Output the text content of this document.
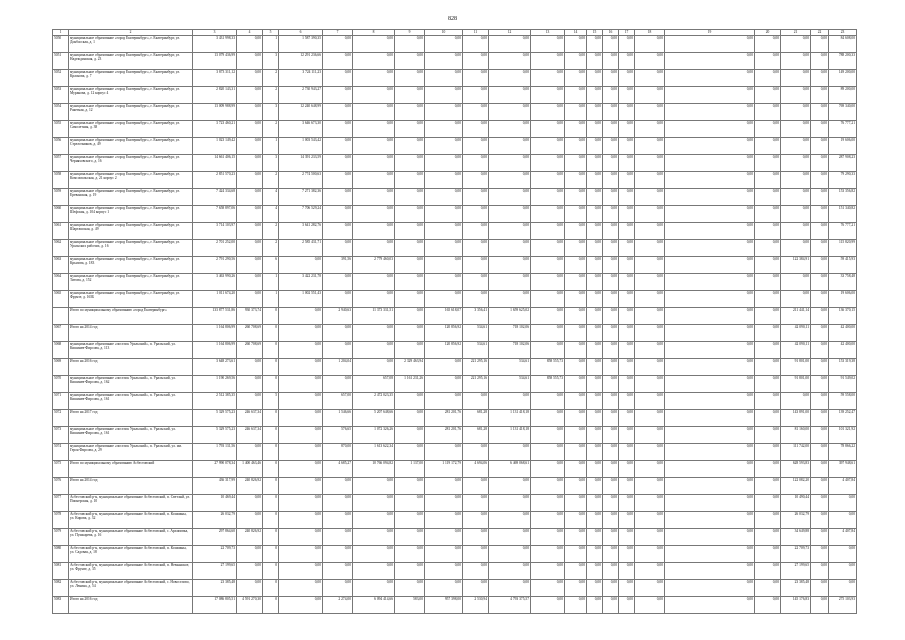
828
1	2	3	4	5	6	7	8	9	10	11	12	13	14	15	16	17	18	19	20	21	22	23
5050	муниципальное образование «город Екатеринбург», г. Екатеринбург, ул. Донбасская, д. 1	3 431 998,33	0,00	1	1 587 390,35	0,00	0,00	0,00	0,00	0,00	0,00	0,00	0,00	0,00	0,00	0,00	0,00	0,00	0,00	0,00	0,00	84 608,00
5051	муниципальное образование «город Екатеринбург», г. Екатеринбург, ул. Надеждинская, д. 23	13 079 436,99	0,00	3	12 291 236,66	0,00	0,00	0,00	0,00	0,00	0,00	0,00	0,00	0,00	0,00	0,00	0,00	0,00	0,00	0,00	0,00	788 200,33
5052	муниципальное образование «город Екатеринбург», г. Екатеринбург, ул. Краснова, д. 7	3 873 311,12	0,00	2	3 724 111,23	0,00	0,00	0,00	0,00	0,00	0,00	0,00	0,00	0,00	0,00	0,00	0,00	0,00	0,00	0,00	0,00	149 200,00
5053	муниципальное образование «город Екатеринбург», г. Екатеринбург, ул. Муранова, д. 12 корпус 4	2 820 143,31	0,00	2	2 730 943,27	0,00	0,00	0,00	0,00	0,00	0,00	0,00	0,00	0,00	0,00	0,00	0,00	0,00	0,00	0,00	0,00	89 200,00
5054	муниципальное образование «город Екатеринбург», г. Екатеринбург, ул. Ракетная, д. 12	13 009 988,99	0,00	3	12 240 648,99	0,00	0,00	0,00	0,00	0,00	0,00	0,00	0,00	0,00	0,00	0,00	0,00	0,00	0,00	0,00	0,00	769 340,00
5055	муниципальное образование «город Екатеринбург», г. Екатеринбург, ул. Самолетная, д. 38	3 723 460,21	0,00	2	3 646 673,30	0,00	0,00	0,00	0,00	0,00	0,00	0,00	0,00	0,00	0,00	0,00	0,00	0,00	0,00	0,00	0,00	76 777,21
5056	муниципальное образование «город Екатеринбург», г. Екатеринбург, ул. Стрелочников, д. 49	1 023 149,42	0,00	1	1 003 543,42	0,00	0,00	0,00	0,00	0,00	0,00	0,00	0,00	0,00	0,00	0,00	0,00	0,00	0,00	0,00	0,00	19 606,00
5057	муниципальное образование «город Екатеринбург», г. Екатеринбург, ул. Черняховского, д. 16	14 661 406,15	0,00	3	14 391 233,59	0,00	0,00	0,00	0,00	0,00	0,00	0,00	0,00	0,00	0,00	0,00	0,00	0,00	0,00	0,00	0,00	287 908,23
5058	муниципальное образование «город Екатеринбург», г. Екатеринбург, ул. Комсомольская, д. 21 корпус 2	2 851 570,23	0,00	2	2 774 500,63	0,00	0,00	0,00	0,00	0,00	0,00	0,00	0,00	0,00	0,00	0,00	0,00	0,00	0,00	0,00	0,00	79 290,33
5059	муниципальное образование «город Екатеринбург», г. Екатеринбург, ул. Ереванская, д. 19	7 424 334,68	0,00	4	7 271 382,36	0,00	0,00	0,00	0,00	0,00	0,00	0,00	0,00	0,00	0,00	0,00	0,00	0,00	0,00	0,00	0,00	153 356,82
5060	муниципальное образование «город Екатеринбург», г. Екатеринбург, ул. Шефская, д. 104 корпус 1	7 658 897,06	0,00	4	7 706 529,24	0,00	0,00	0,00	0,00	0,00	0,00	0,00	0,00	0,00	0,00	0,00	0,00	0,00	0,00	0,00	0,00	151 340,82
5061	муниципальное образование «город Екатеринбург», г. Екатеринбург, ул. Шарташская, д. 49	3 714 103,97	0,00	2	3 641 282,76	0,00	0,00	0,00	0,00	0,00	0,00	0,00	0,00	0,00	0,00	0,00	0,00	0,00	0,00	0,00	0,00	76 777,21
5062	муниципальное образование «город Екатеринбург», г. Екатеринбург, ул. Уральских рабочих, д. 16	2 701 252,00	0,00	2	2 585 431,71	0,00	0,00	0,00	0,00	0,00	0,00	0,00	0,00	0,00	0,00	0,00	0,00	0,00	0,00	0,00	0,00	115 820,99
5063	муниципальное образование «город Екатеринбург», г. Екатеринбург, ул. Крылова, д. 183	2 791 290,56	0,00	6	0,00	391,56	2 779 460,03	0,00	0,00	0,00	0,00	0,00	0,00	0,00	0,00	0,00	0,00	0,00	0,00	122 384,91	0,00	59 415,93
5064	муниципальное образование «город Екатеринбург», г. Екатеринбург, ул. Титова, д. 152	3 463 990,26	0,00	1	3 422 231,78	0,00	0,00	0,00	0,00	0,00	0,00	0,00	0,00	0,00	0,00	0,00	0,00	0,00	0,00	0,00	0,00	33 758,48
5065	муниципальное образование «город Екатеринбург», г. Екатеринбург, ул. Фрунзе, д. 165Б	1 011 674,20	0,00	1	1 002 551,43	0,00	0,00	0,00	0,00	0,00	0,00	0,00	0,00	0,00	0,00	0,00	0,00	0,00	0,00	0,00	0,00	19 606,00
	Итого по муниципальному образованию «город Екатеринбург»	133 877 531,86	930 373,74	0	0,00	2 940,63	11 373 331,51	0,00	165 618,07	3 356,41	1 659 625,02	0,00	0,00	0,00	0,00	0,00	0,00	0,00	0,00	211 441,14	0,00	136 370,15
5067	Итого на 2014 год	1 164 806,99	260 708,69	0	0,00	0,00	0,00	0,00	120 856,92	534,61	718 102,06	0,00	0,00	0,00	0,00	0,00	0,00	0,00	0,00	42 090,11	0,00	42 400,00
5068	муниципальное образование «поселок Уральский», п. Уральский, ул. Кишинев-Фирсова, д. 113	1 164 806,99	260 708,69	0	0,00	0,00	0,00	0,00	120 856,92	534,61	718 102,06	0,00	0,00	0,00	0,00	0,00	0,00	0,00	0,00	42 090,11	0,00	42 400,00
5069	Итого на 2016 год	3 648 273,61	0,00	0	0,00	1 204,04	0,00	2 329 463,94	0,00	221 295,16	534,61	858 555,73	0,00	0,00	0,00	0,00	0,00	0,00	0,00	91 801,00	0,00	153 319,38
5070	муниципальное образование «поселок Уральский», п. Уральский, ул. Кишинев-Фирсова, д. 162	1 190 269,56	0,00	0	0,00	0,00	657,08	1 161 231,26	0,00	221 295,16	534,61	858 555,73	0,00	0,00	0,00	0,00	0,00	0,00	0,00	91 801,00	0,00	91 549,02
5071	муниципальное образование «поселок Уральский», п. Уральский, ул. Кишинев-Фирсова, д. 161	2 512 385,35	0,00	5	0,00	657,00	2 472 023,35	0,00	0,00	0,00	0,00	0,00	0,00	0,00	0,00	0,00	0,00	0,00	0,00	0,00	0,00	59 558,00
5072	Итого на 2017 год	5 329 575,23	246 637,34	0	0,00	1 546,66	5 207 648,66	0,00	281 201,76	681,28	1 131 418,18	0,00	0,00	0,00	0,00	0,00	0,00	0,00	0,00	143 891,00	0,00	139 252,47
5073	муниципальное образование «поселок Уральский», п. Уральский, ул. Кишинев-Фирсова, д. 161	5 329 575,23	246 637,34	0	0,00	576,65	1 072 326,26	0,00	281 201,76	681,28	1 131 418,18	0,00	0,00	0,00	0,00	0,00	0,00	0,00	0,00	81 160,00	0,00	101 321,92
5074	муниципальное образование «поселок Уральский», п. Уральский, ул. им. Героя Фирсова, д. 29	1 793 131,56	0,00	0	0,00	870,00	1 613 622,34	0,00	0,00	0,00	0,00	0,00	0,00	0,00	0,00	0,00	0,00	0,00	0,00	111 742,00	0,00	78 866,22
5075	Итого по муниципальному образованию Асбестовский	27 990 078,34	1 400 463,46	0	0,00	4 685,27	10 766 094,82	1 137,00	1 119 172,79	4 694,06	6 469 068,61	0,00	0,00	0,00	0,00	0,00	0,00	0,00	0,00	628 593,83	0,00	397 948,61
5076	Итого на 2014 год	436 317,99	240 826,92	0	0,00	0,00	0,00	0,00	0,00	0,00	0,00	0,00	0,00	0,00	0,00	0,00	0,00	0,00	0,00	122 082,20	0,00	4 407,84
5077	Асбестовский р-н, муниципальное образование Асбестовский, п. Светлый, ул. Пионерская, д. 10	10 469,44	0,00	0	0,00	0,00	0,00	0,00	0,00	0,00	0,00	0,00	0,00	0,00	0,00	0,00	0,00	0,00	0,00	10 490,44	0,00	0,00
5078	Асбестовский р-н, муниципальное образование Асбестовский, п. Кошманы, ул. Кирова, д. 32	26 032,79	0,00	0	0,00	0,00	0,00	0,00	0,00	0,00	0,00	0,00	0,00	0,00	0,00	0,00	0,00	0,00	0,00	26 032,79	0,00	0,00
5079	Асбестовский р-н, муниципальное образование Асбестовский, с. Архиповка, ул. Пушкарева, д. 16	297 864,60	240 826,92	0	0,00	0,00	0,00	0,00	0,00	0,00	0,00	0,00	0,00	0,00	0,00	0,00	0,00	0,00	0,00	34 649,88	0,00	4 407,84
5080	Асбестовский р-н, муниципальное образование Асбестовский, п. Кошманы, ул. Садовая, д. 18	22 709,73	0,00	0	0,00	0,00	0,00	0,00	0,00	0,00	0,00	0,00	0,00	0,00	0,00	0,00	0,00	0,00	0,00	22 709,73	0,00	0,00
5081	Асбестовский р-н, муниципальное образование Асбестовский, п. Невьянское, ул. Фрунзе, д. 35	27 199,65	0,00	0	0,00	0,00	0,00	0,00	0,00	0,00	0,00	0,00	0,00	0,00	0,00	0,00	0,00	0,00	0,00	27 199,65	0,00	0,00
5082	Асбестовский р-н, муниципальное образование Асбестовский, с. Новоселово, ул. Ленина, д. 54	23 385,48	0,00	0	0,00	0,00	0,00	0,00	0,00	0,00	0,00	0,00	0,00	0,00	0,00	0,00	0,00	0,00	0,00	23 385,48	0,00	0,00
5083	Итого на 2016 год	17 086 805,51	4 591 270,30	0	0,00	2 274,00	6 094 414,66	583,00	957 398,00	2 530,94	4 793 375,57	0,00	0,00	0,00	0,00	0,00	0,00	0,00	0,00	145 176,83	0,00	275 103,93
